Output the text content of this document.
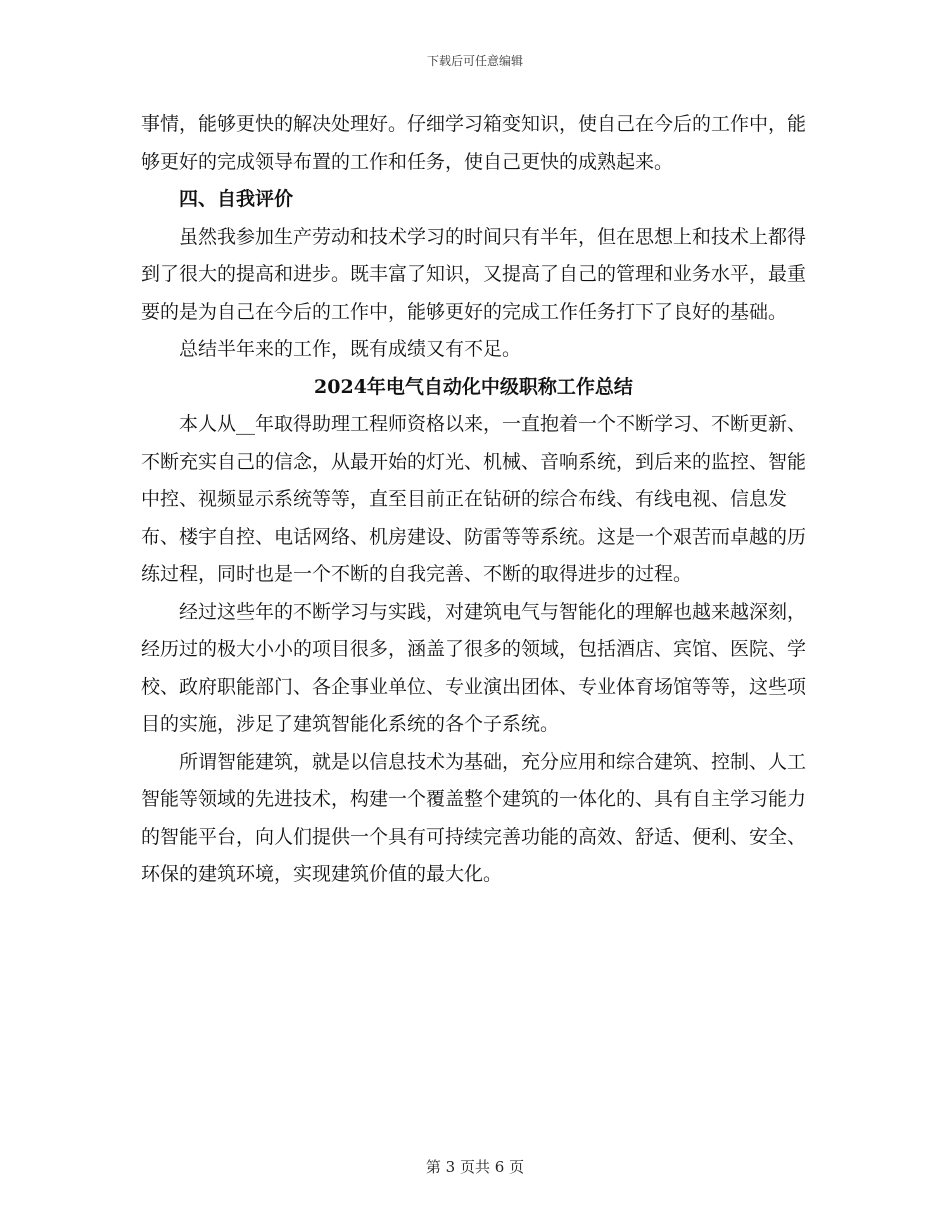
下载后可任意编辑

事情，能够更快的解决处理好。仔细学习箱变知识，使自己在今后的工作中，能够更好的完成领导布置的工作和任务，使自己更快的成熟起来。

四、自我评价

虽然我参加生产劳动和技术学习的时间只有半年，但在思想上和技术上都得到了很大的提高和进步。既丰富了知识，又提高了自己的管理和业务水平，最重要的是为自己在今后的工作中，能够更好的完成工作任务打下了良好的基础。

总结半年来的工作，既有成绩又有不足。

2024年电气自动化中级职称工作总结

本人从__年取得助理工程师资格以来，一直抱着一个不断学习、不断更新、不断充实自己的信念，从最开始的灯光、机械、音响系统，到后来的监控、智能中控、视频显示系统等等，直至目前正在钻研的综合布线、有线电视、信息发布、楼宇自控、电话网络、机房建设、防雷等等系统。这是一个艰苦而卓越的历练过程，同时也是一个不断的自我完善、不断的取得进步的过程。

经过这些年的不断学习与实践，对建筑电气与智能化的理解也越来越深刻，经历过的极大小小的项目很多，涵盖了很多的领域，包括酒店、宾馆、医院、学校、政府职能部门、各企事业单位、专业演出团体、专业体育场馆等等，这些项目的实施，涉足了建筑智能化系统的各个子系统。

所谓智能建筑，就是以信息技术为基础，充分应用和综合建筑、控制、人工智能等领域的先进技术，构建一个覆盖整个建筑的一体化的、具有自主学习能力的智能平台，向人们提供一个具有可持续完善功能的高效、舒适、便利、安全、环保的建筑环境，实现建筑价值的最大化。

第 3 页共 6 页
